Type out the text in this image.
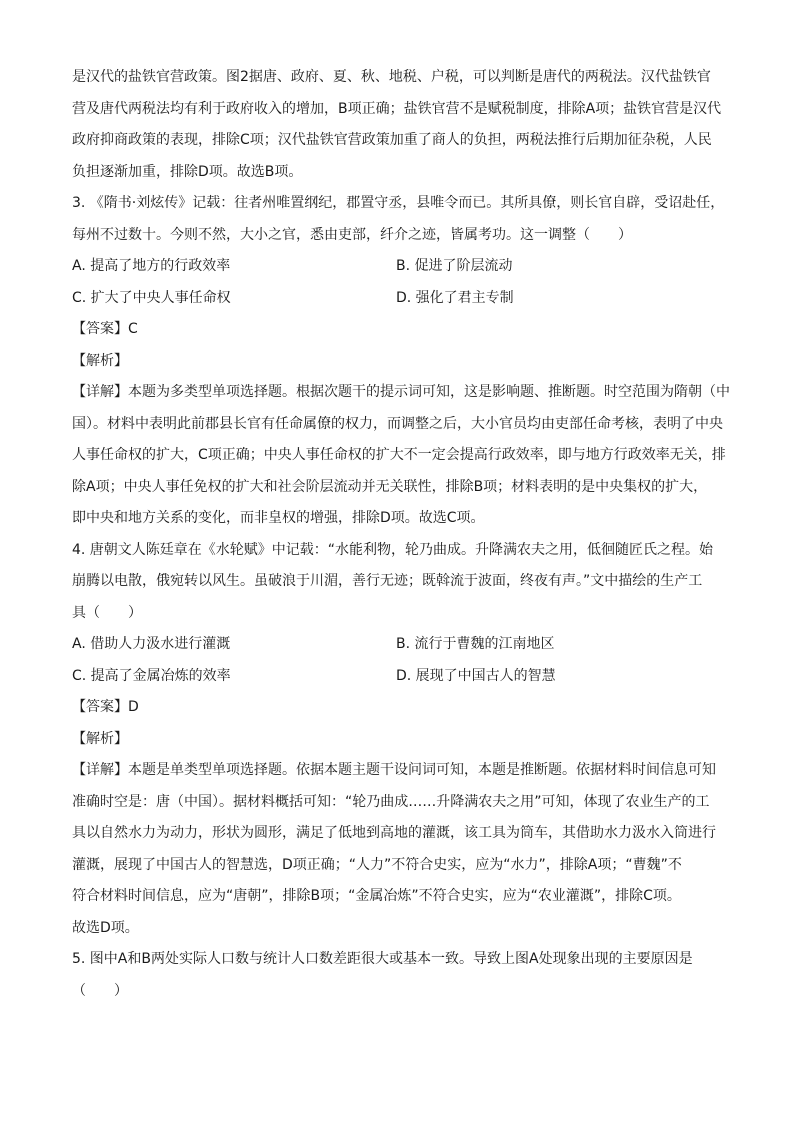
是汉代的盐铁官营政策。图2据唐、政府、夏、秋、地税、户税，可以判断是唐代的两税法。汉代盐铁官

营及唐代两税法均有利于政府收入的增加，B项正确；盐铁官营不是赋税制度，排除A项；盐铁官营是汉代

政府抑商政策的表现，排除C项；汉代盐铁官营政策加重了商人的负担，两税法推行后期加征杂税，人民

负担逐渐加重，排除D项。故选B项。

3. 《隋书·刘炫传》记载：往者州唯置纲纪，郡置守丞，县唯令而已。其所具僚，则长官自辟，受诏赴任，

每州不过数十。今则不然，大小之官，悉由吏部，纤介之迹，皆属考功。这一调整（　　）

A. 提高了地方的行政效率	B. 促进了阶层流动
C. 扩大了中央人事任命权	D. 强化了君主专制

【答案】C

【解析】

【详解】本题为多类型单项选择题。根据次题干的提示词可知，这是影响题、推断题。时空范围为隋朝（中

国）。材料中表明此前郡县长官有任命属僚的权力，而调整之后，大小官员均由吏部任命考核，表明了中央

人事任命权的扩大，C项正确；中央人事任命权的扩大不一定会提高行政效率，即与地方行政效率无关，排

除A项；中央人事任免权的扩大和社会阶层流动并无关联性，排除B项；材料表明的是中央集权的扩大，

即中央和地方关系的变化，而非皇权的增强，排除D项。故选C项。

4. 唐朝文人陈廷章在《水轮赋》中记载：“水能利物，轮乃曲成。升降满农夫之用，低徊随匠氏之程。始

崩腾以电散，俄宛转以风生。虽破浪于川湄，善行无迹；既斡流于波面，终夜有声。”文中描绘的生产工

具（　　）

A. 借助人力汲水进行灌溉	B. 流行于曹魏的江南地区
C. 提高了金属冶炼的效率	D. 展现了中国古人的智慧

【答案】D

【解析】

【详解】本题是单类型单项选择题。依据本题主题干设问词可知，本题是推断题。依据材料时间信息可知

准确时空是：唐（中国）。据材料概括可知：“轮乃曲成……升降满农夫之用”可知，体现了农业生产的工

具以自然水力为动力，形状为圆形，满足了低地到高地的灌溉，该工具为筒车，其借助水力汲水入筒进行

灌溉，展现了中国古人的智慧选，D项正确；“人力”不符合史实，应为“水力”，排除A项；“曹魏”不

符合材料时间信息，应为“唐朝”，排除B项；“金属冶炼”不符合史实，应为“农业灌溉”，排除C项。

故选D项。

5. 图中A和B两处实际人口数与统计人口数差距很大或基本一致。导致上图A处现象出现的主要原因是

（　　）
